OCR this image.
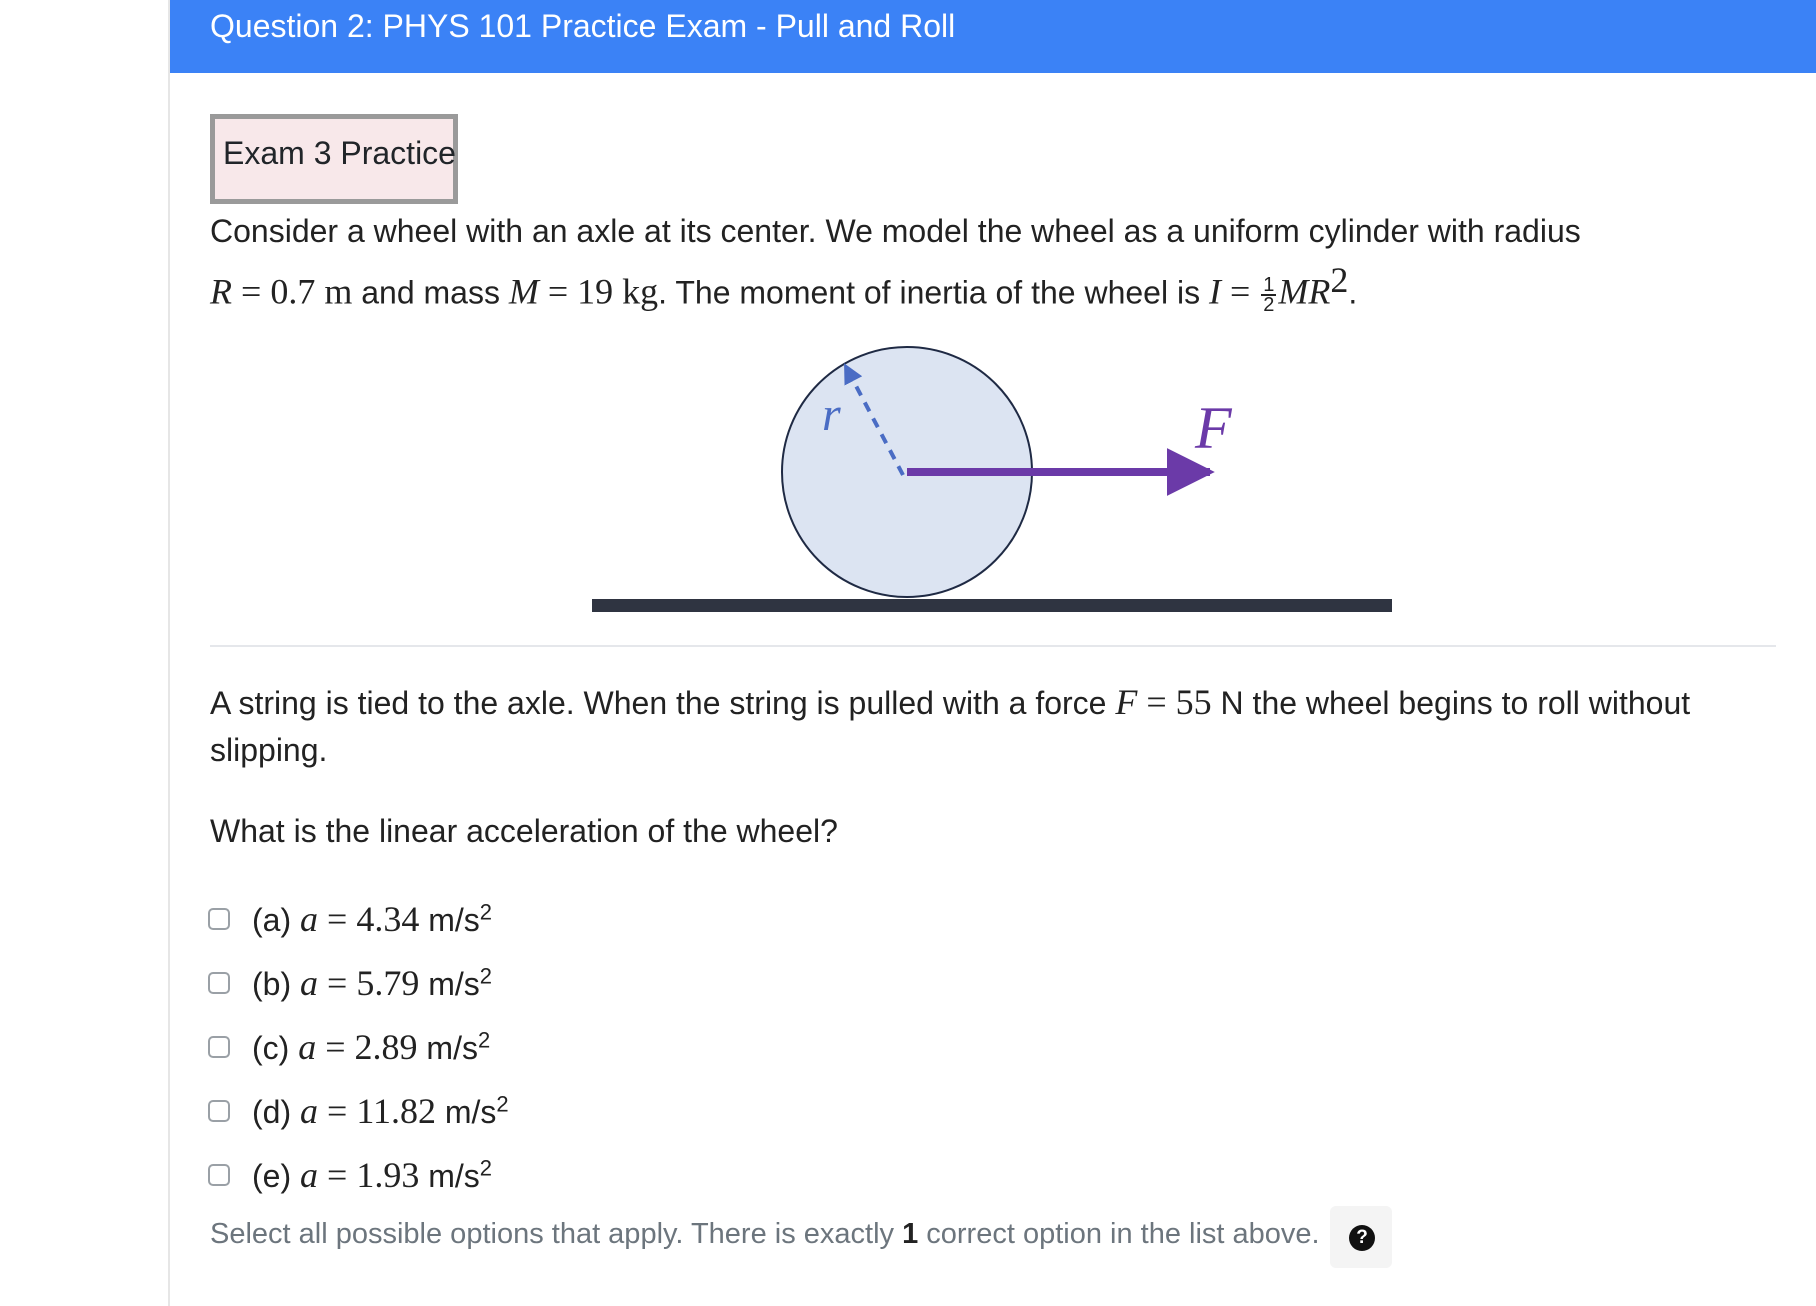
Question 2: PHYS 101 Practice Exam - Pull and Roll
Exam 3 Practice
Consider a wheel with an axle at its center. We model the wheel as a uniform cylinder with radius
R = 0.7 m and mass M = 19 kg. The moment of inertia of the wheel is $I = \frac{1}{2} MR^2$.
r	F
A string is tied to the axle. When the string is pulled with a force F = 55 N the wheel begins to roll without
slipping.
What is the linear acceleration of the wheel?
(a) a = 4.34 $m/s^2$
(b) a = 5.79 $m/s^2$
(c) a = 2.89 $m/s^2$
(d) a = 11.82 $m/s^2$
(e) a = 1.93 $m/s^2$
Select all possible options that apply. There is exactly 1 correct option in the list above.	?
